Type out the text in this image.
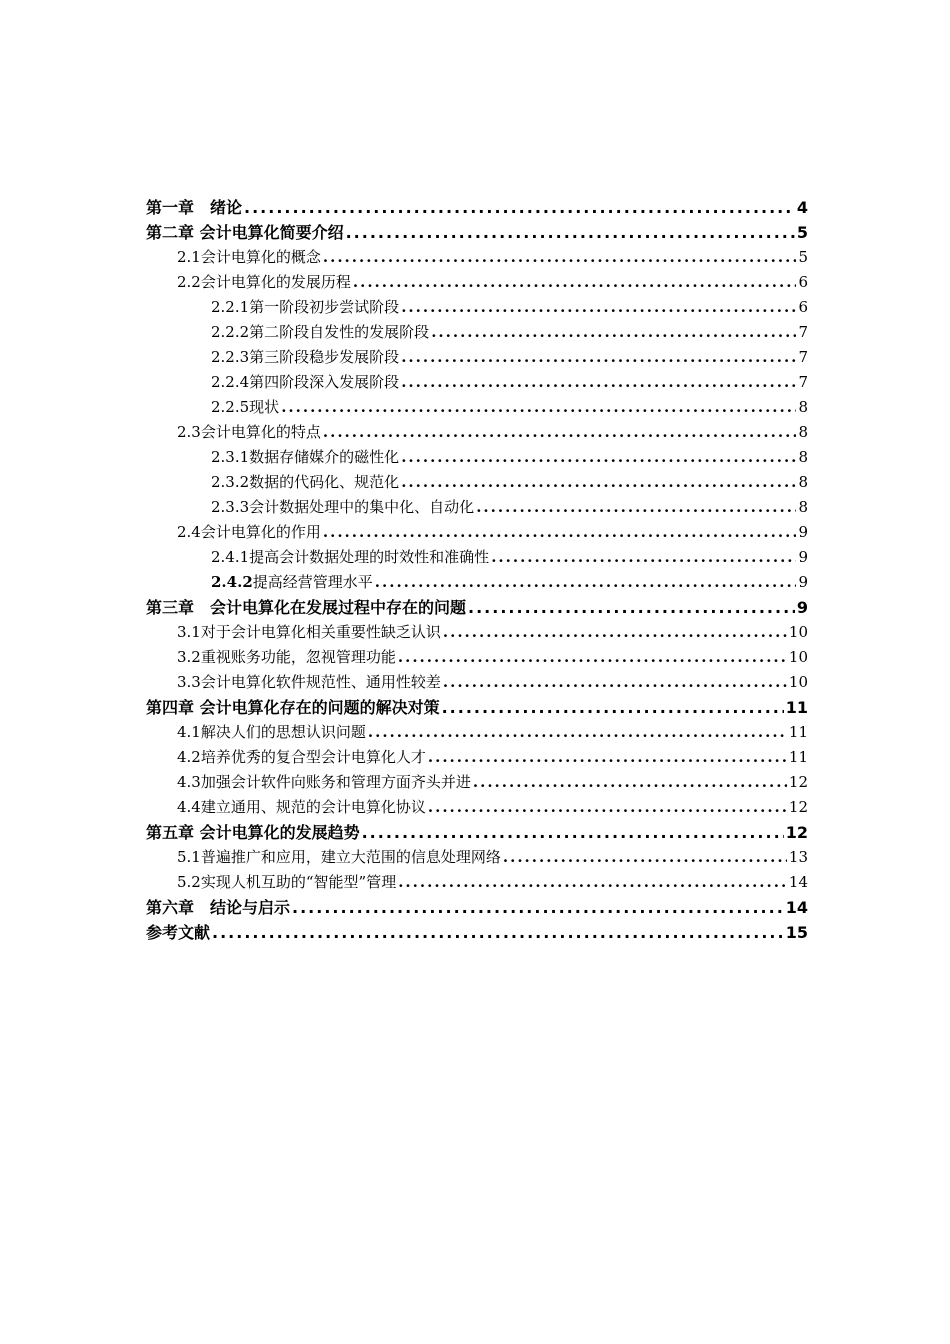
第一章　绪论 .....	4
第二章 会计电算化简要介绍 .....	5
2.1 会计电算化的概念 .....	5
2.2 会计电算化的发展历程 .....	6
2.2.1 第一阶段初步尝试阶段 .....	6
2.2.2 第二阶段自发性的发展阶段 .....	7
2.2.3 第三阶段稳步发展阶段 .....	7
2.2.4 第四阶段深入发展阶段 .....	7
2.2.5 现状 .....	8
2.3 会计电算化的特点 .....	8
2.3.1 数据存储媒介的磁性化 .....	8
2.3.2 数据的代码化、规范化 .....	8
2.3.3 会计数据处理中的集中化、自动化 .....	8
2.4 会计电算化的作用 .....	9
2.4.1 提高会计数据处理的时效性和准确性 .....	9
2.4.2 提高经营管理水平 .....	9
第三章　会计电算化在发展过程中存在的问题 .....	9
3.1 对于会计电算化相关重要性缺乏认识 .....	10
3.2 重视账务功能，忽视管理功能 .....	10
3.3 会计电算化软件规范性、通用性较差 .....	10
第四章 会计电算化存在的问题的解决对策 .....	11
4.1 解决人们的思想认识问题 .....	11
4.2 培养优秀的复合型会计电算化人才 .....	11
4.3 加强会计软件向账务和管理方面齐头并进 .....	12
4.4 建立通用、规范的会计电算化协议 .....	12
第五章 会计电算化的发展趋势 .....	12
5.1 普遍推广和应用，建立大范围的信息处理网络 .....	13
5.2 实现人机互助的“智能型”管理 .....	14
第六章　结论与启示 .....	14
参考文献 .....	15
